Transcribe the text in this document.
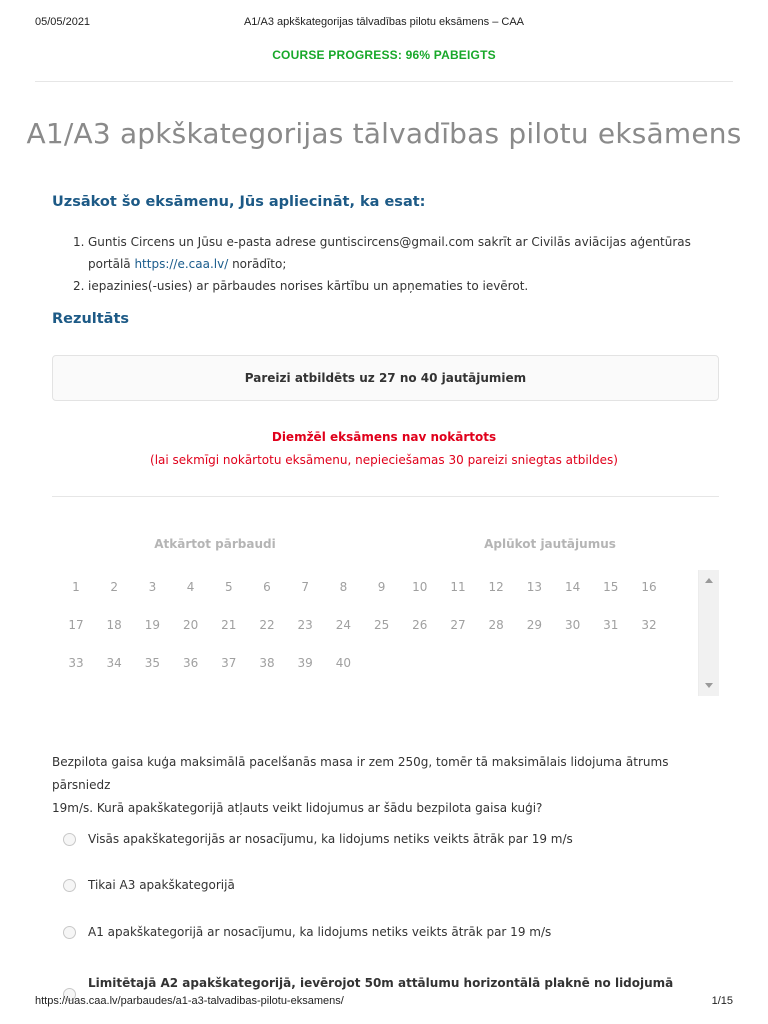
05/05/2021	A1/A3 apkškategorijas tālvadības pilotu eksāmens – CAA
COURSE PROGRESS: 96% PABEIGTS
A1/A3 apkškategorijas tālvadības pilotu eksāmens
Uzsākot šo eksāmenu, Jūs apliecināt, ka esat:
1. Guntis Circens un Jūsu e-pasta adrese guntiscircens@gmail.com sakrīt ar Civilās aviācijas aģentūras
portālā https://e.caa.lv/ norādīto;
2. iepazinies(-usies) ar pārbaudes norises kārtību un apņematies to ievērot.
Rezultāts
Pareizi atbildēts uz 27 no 40 jautājumiem
Diemžēl eksāmens nav nokārtots
(lai sekmīgi nokārtotu eksāmenu, nepieciešamas 30 pareizi sniegtas atbildes)
Atkārtot pārbaudi	Aplūkot jautājumus
1	2	3	4	5	6	7	8	9	10	11	12	13	14	15	16
17	18	19	20	21	22	23	24	25	26	27	28	29	30	31	32
33	34	35	36	37	38	39	40
Bezpilota gaisa kuģa maksimālā pacelšanās masa ir zem 250g, tomēr tā maksimālais lidojuma ātrums pārsniedz
19m/s. Kurā apakškategorijā atļauts veikt lidojumus ar šādu bezpilota gaisa kuģi?
Visās apakškategorijās ar nosacījumu, ka lidojums netiks veikts ātrāk par 19 m/s
Tikai A3 apakškategorijā
A1 apakškategorijā ar nosacījumu, ka lidojums netiks veikts ātrāk par 19 m/s
Limitētajā A2 apakškategorijā, ievērojot 50m attālumu horizontālā plaknē no lidojumā
https://uas.caa.lv/parbaudes/a1-a3-talvadibas-pilotu-eksamens/	1/15
